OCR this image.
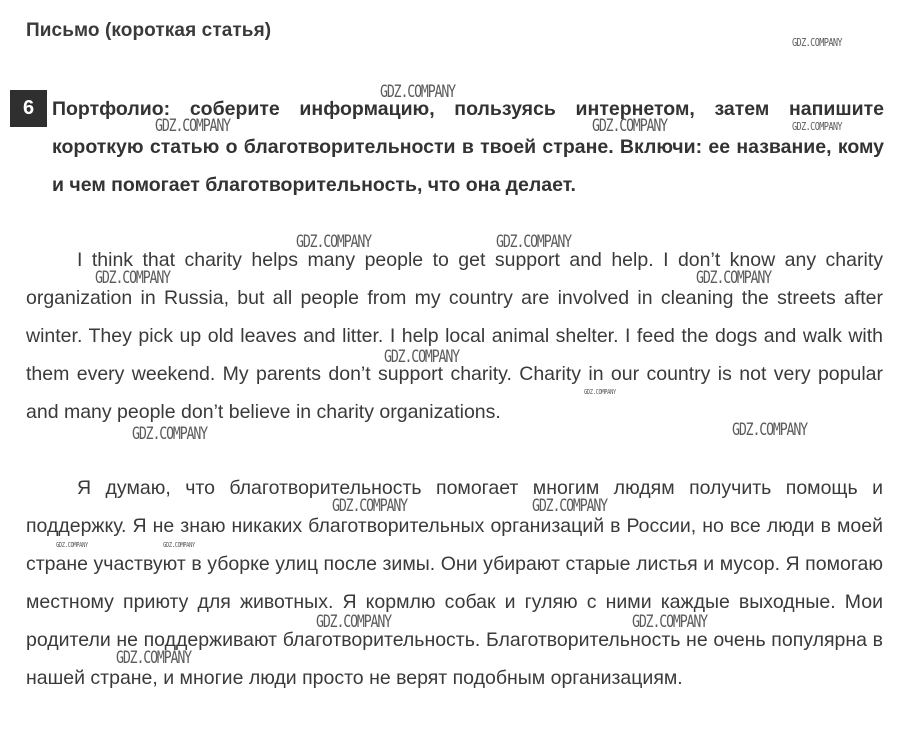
Письмо (короткая статья)
6 Портфолио: соберите информацию, пользуясь интернетом, затем напишите короткую статью о благотворительности в твоей стране. Включи: ее название, кому и чем помогает благотворительность, что она делает.

I think that charity helps many people to get support and help. I don’t know any charity organization in Russia, but all people from my country are involved in cleaning the streets after winter. They pick up old leaves and litter. I help local animal shelter. I feed the dogs and walk with them every weekend. My parents don’t support charity. Charity in our country is not very popular and many people don’t believe in charity organizations.

Я думаю, что благотворительность помогает многим людям получить помощь и поддержку. Я не знаю никаких благотворительных организаций в России, но все люди в моей стране участвуют в уборке улиц после зимы. Они убирают старые листья и мусор. Я помогаю местному приюту для животных. Я кормлю собак и гуляю с ними каждые выходные. Мои родители не поддерживают благотворительность. Благотворительность не очень популярна в нашей стране, и многие люди просто не верят подобным организациям.

GDZ.COMPANY
GDZ.COMPANY
GDZ.COMPANY	GDZ.COMPANY	GDZ.COMPANY
GDZ.COMPANY	GDZ.COMPANY
GDZ.COMPANY	GDZ.COMPANY
GDZ.COMPANY
GDZ.COMPANY
GDZ.COMPANY	GDZ.COMPANY
GDZ.COMPANY	GDZ.COMPANY
GDZ.COMPANY	GDZ.COMPANY
GDZ.COMPANY	GDZ.COMPANY
GDZ.COMPANY
